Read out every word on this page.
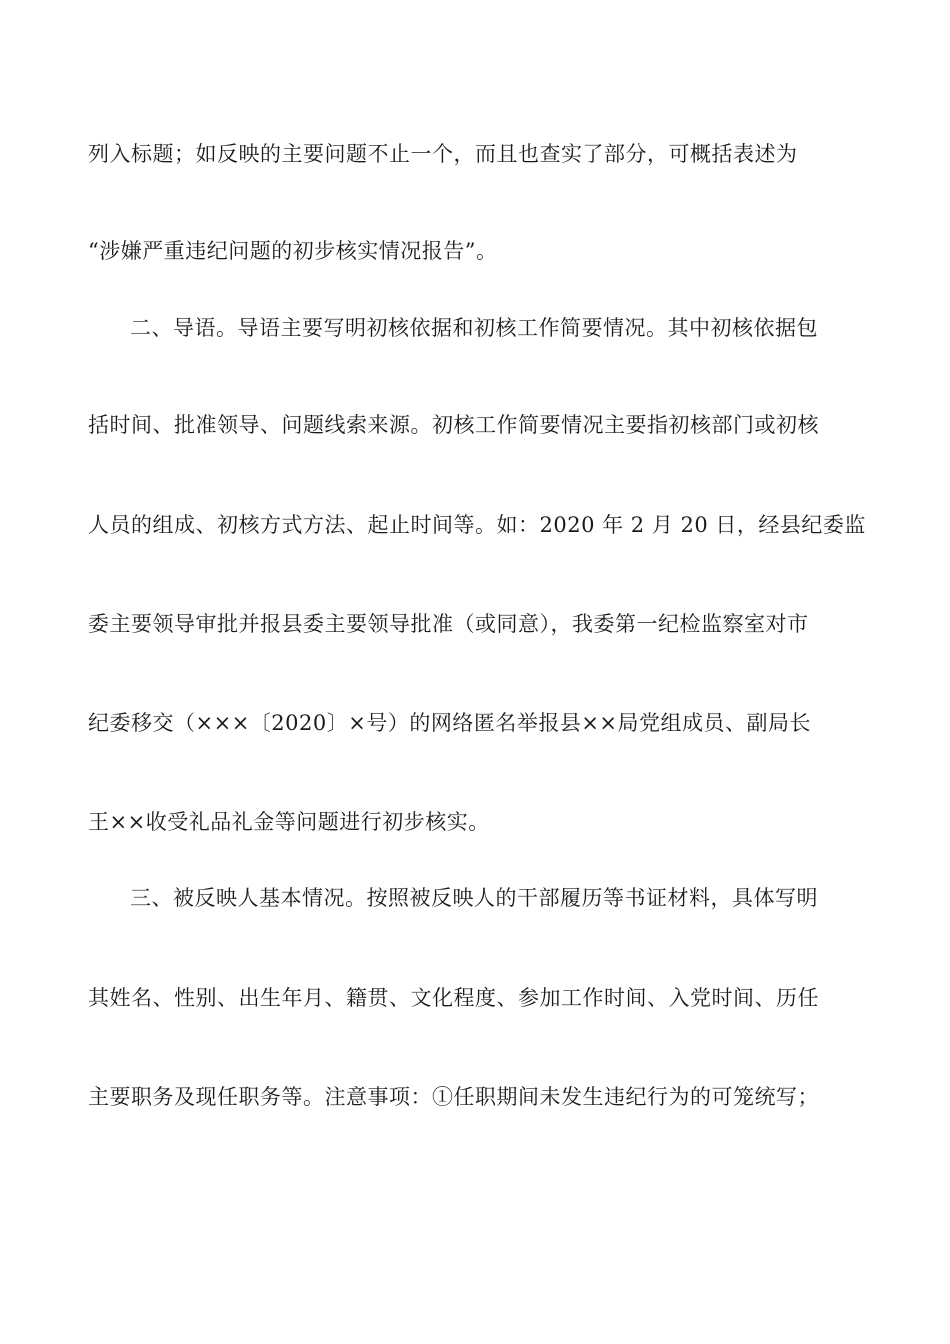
列入标题；如反映的主要问题不止一个，而且也查实了部分，可概括表述为
“涉嫌严重违纪问题的初步核实情况报告”。
二、导语。导语主要写明初核依据和初核工作简要情况。其中初核依据包
括时间、批准领导、问题线索来源。初核工作简要情况主要指初核部门或初核
人员的组成、初核方式方法、起止时间等。如：2020 年 2 月 20 日，经县纪委监
委主要领导审批并报县委主要领导批准（或同意），我委第一纪检监察室对市
纪委移交（×××〔2020〕×号）的网络匿名举报县××局党组成员、副局长
王××收受礼品礼金等问题进行初步核实。
三、被反映人基本情况。按照被反映人的干部履历等书证材料，具体写明
其姓名、性别、出生年月、籍贯、文化程度、参加工作时间、入党时间、历任
主要职务及现任职务等。注意事项：①任职期间未发生违纪行为的可笼统写；
